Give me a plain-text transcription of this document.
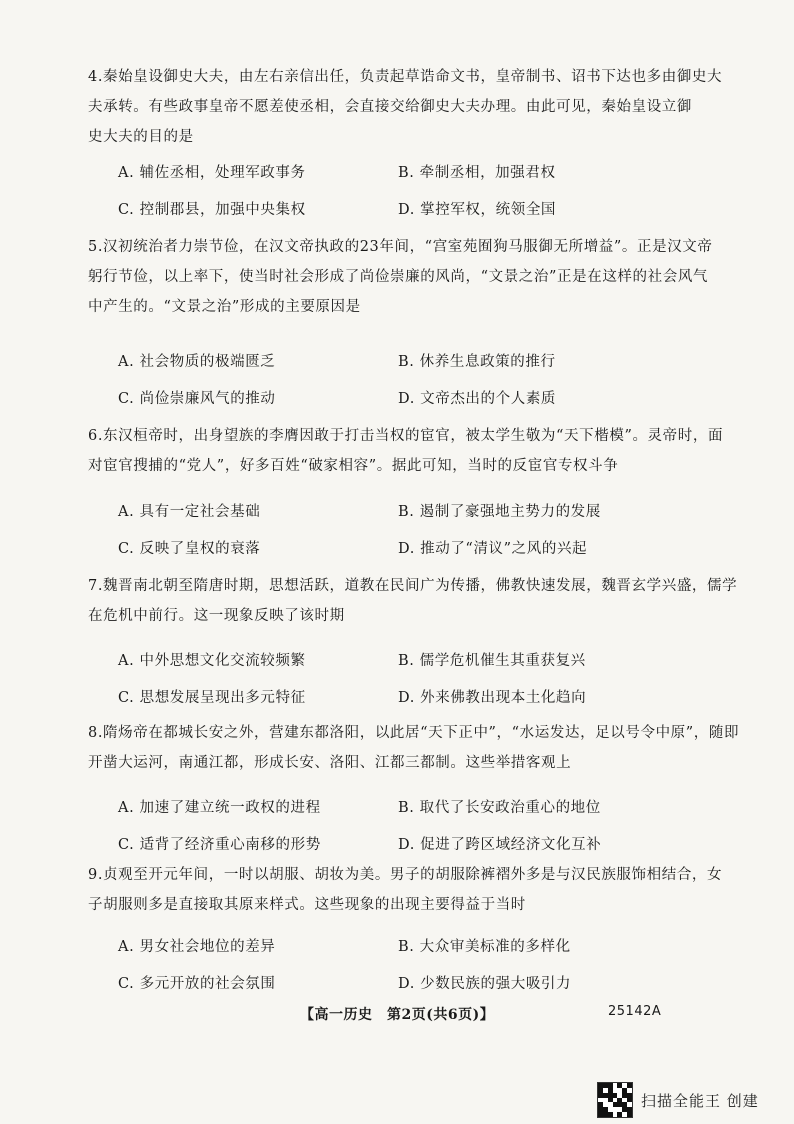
4.秦始皇设御史大夫，由左右亲信出任，负责起草诰命文书，皇帝制书、诏书下达也多由御史大
夫承转。有些政事皇帝不愿差使丞相，会直接交给御史大夫办理。由此可见，秦始皇设立御
史大夫的目的是
A. 辅佐丞相，处理军政事务	B. 牵制丞相，加强君权
C. 控制郡县，加强中央集权	D. 掌控军权，统领全国
5.汉初统治者力崇节俭，在汉文帝执政的23年间，“宫室苑囿狗马服御无所增益”。正是汉文帝
躬行节俭，以上率下，使当时社会形成了尚俭崇廉的风尚，“文景之治”正是在这样的社会风气
中产生的。“文景之治”形成的主要原因是
A. 社会物质的极端匮乏	B. 休养生息政策的推行
C. 尚俭崇廉风气的推动	D. 文帝杰出的个人素质
6.东汉桓帝时，出身望族的李膺因敢于打击当权的宦官，被太学生敬为“天下楷模”。灵帝时，面
对宦官搜捕的“党人”，好多百姓“破家相容”。据此可知，当时的反宦官专权斗争
A. 具有一定社会基础	B. 遏制了豪强地主势力的发展
C. 反映了皇权的衰落	D. 推动了“清议”之风的兴起
7.魏晋南北朝至隋唐时期，思想活跃，道教在民间广为传播，佛教快速发展，魏晋玄学兴盛，儒学
在危机中前行。这一现象反映了该时期
A. 中外思想文化交流较频繁	B. 儒学危机催生其重获复兴
C. 思想发展呈现出多元特征	D. 外来佛教出现本土化趋向
8.隋炀帝在都城长安之外，营建东都洛阳，以此居“天下正中”，“水运发达，足以号令中原”，随即
开凿大运河，南通江都，形成长安、洛阳、江都三都制。这些举措客观上
A. 加速了建立统一政权的进程	B. 取代了长安政治重心的地位
C. 适背了经济重心南移的形势	D. 促进了跨区域经济文化互补
9.贞观至开元年间，一时以胡服、胡妆为美。男子的胡服除裤褶外多是与汉民族服饰相结合，女
子胡服则多是直接取其原来样式。这些现象的出现主要得益于当时
A. 男女社会地位的差异	B. 大众审美标准的多样化
C. 多元开放的社会氛围	D. 少数民族的强大吸引力
【高一历史　第2页(共6页)】	25142A
扫描全能王 创建
